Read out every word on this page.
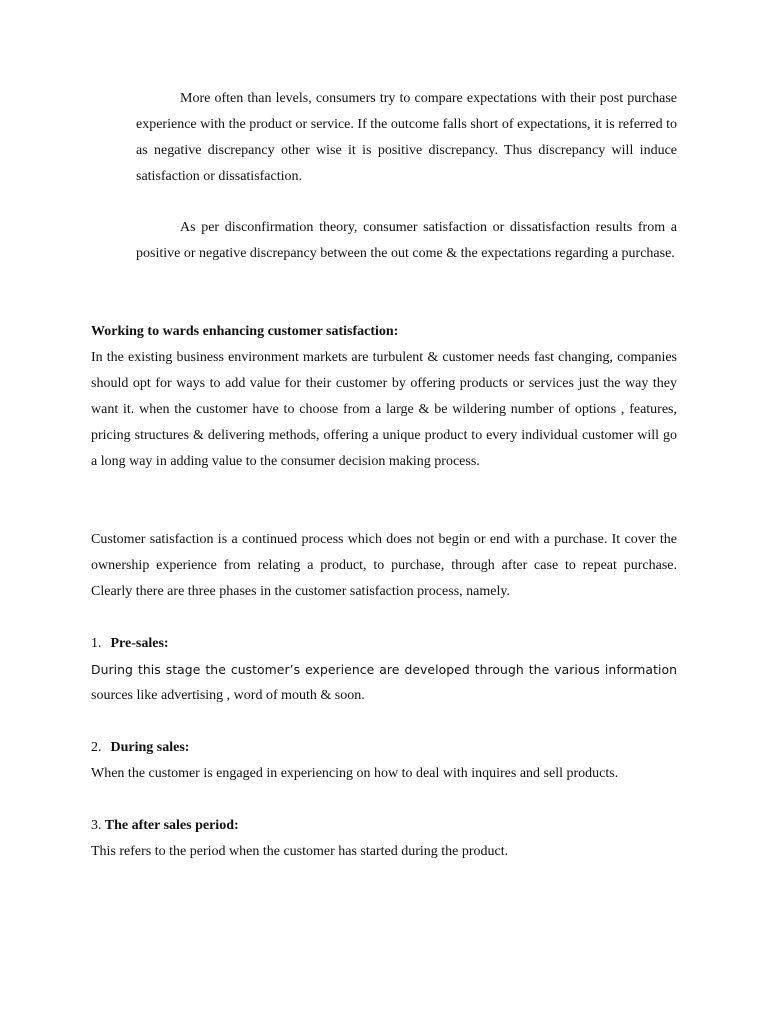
More often than levels, consumers try to compare expectations with their post purchase experience with the product or service. If the outcome falls short of expectations, it is referred to as negative discrepancy other wise it is positive discrepancy. Thus discrepancy will induce satisfaction or dissatisfaction.

As per disconfirmation theory, consumer satisfaction or dissatisfaction results from a positive or negative discrepancy between the out come & the expectations regarding a purchase.

Working to wards enhancing customer satisfaction:

In the existing business environment markets are turbulent & customer needs fast changing, companies should opt for ways to add value for their customer by offering products or services just the way they want it. when the customer have to choose from a large & be wildering number of options , features, pricing structures & delivering methods, offering a unique product to every individual customer will go a long way in adding value to the consumer decision making process.

Customer satisfaction is a continued process which does not begin or end with a purchase. It cover the ownership experience from relating a product, to purchase, through after case to repeat purchase. Clearly there are three phases in the customer satisfaction process, namely.

1. Pre-sales:

During this stage the customer’s experience are developed through the various information

sources like advertising , word of mouth & soon.

2. During sales:

When the customer is engaged in experiencing on how to deal with inquires and sell products.

3. The after sales period:

This refers to the period when the customer has started during the product.
